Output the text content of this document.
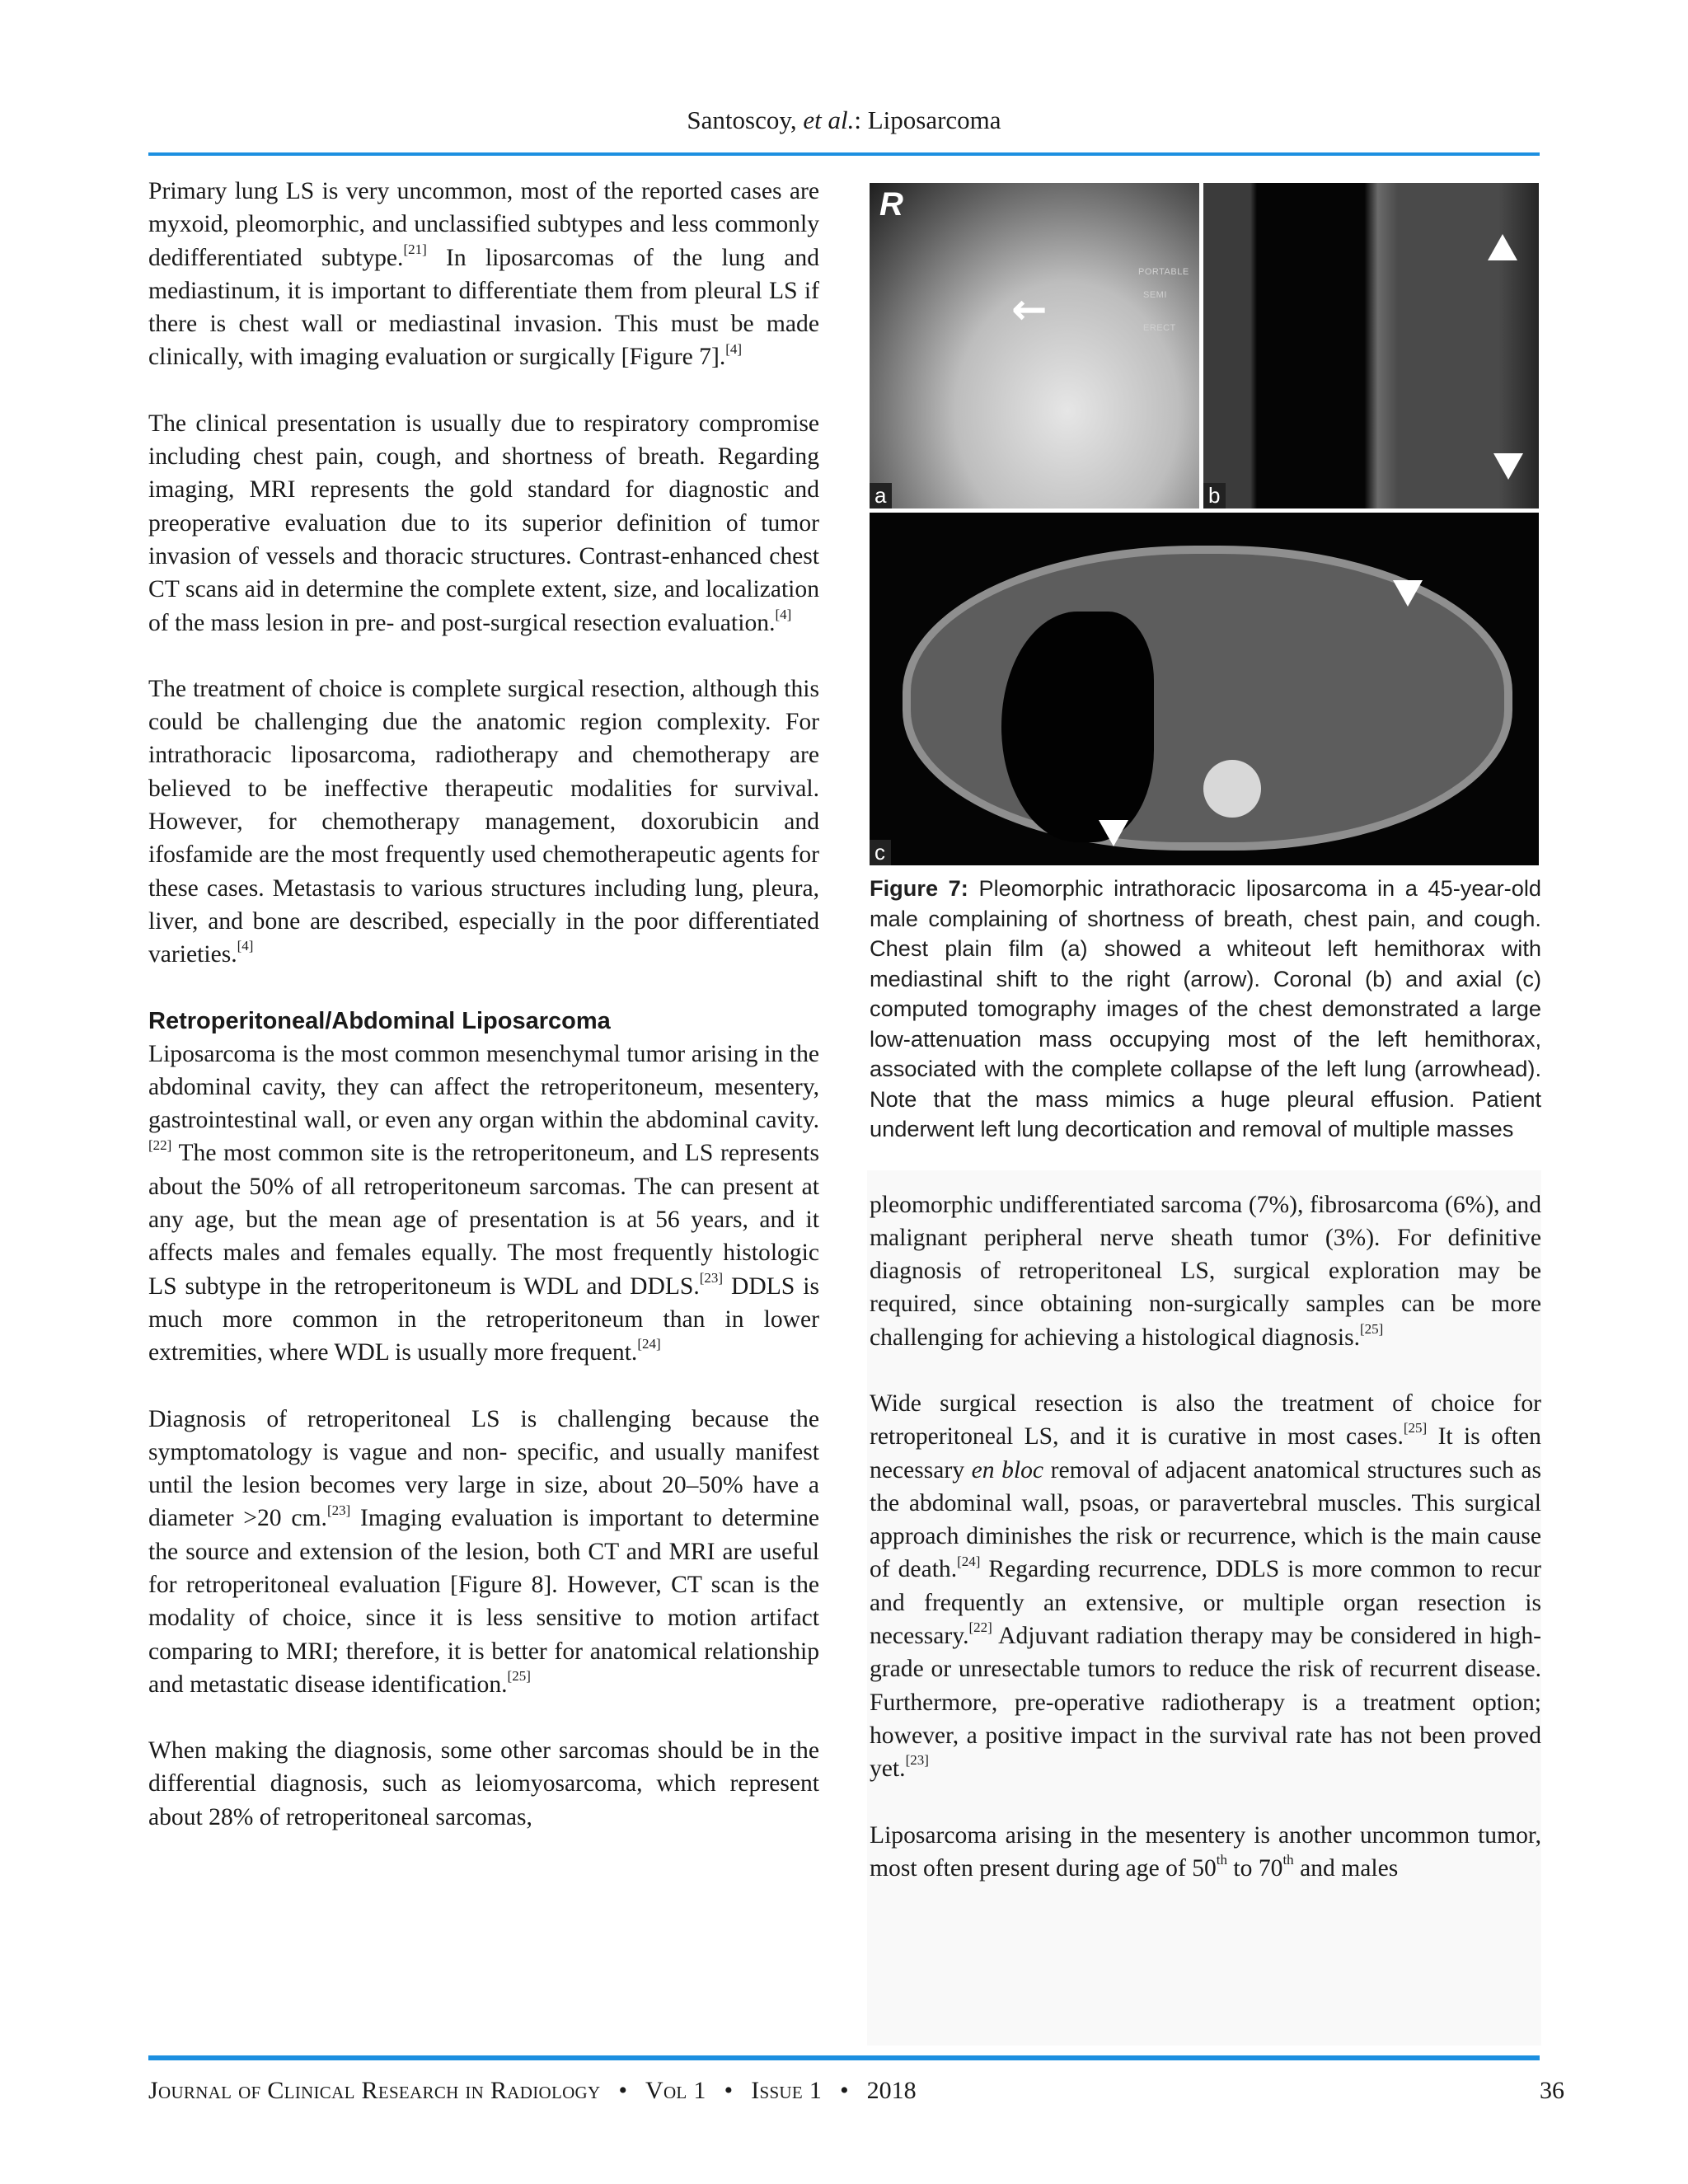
Santoscoy, et al.: Liposarcoma

Primary lung LS is very uncommon, most of the reported cases are myxoid, pleomorphic, and unclassified subtypes and less commonly dedifferentiated subtype.[21] In liposarcomas of the lung and mediastinum, it is important to differentiate them from pleural LS if there is chest wall or mediastinal invasion. This must be made clinically, with imaging evaluation or surgically [Figure 7].[4]

The clinical presentation is usually due to respiratory compromise including chest pain, cough, and shortness of breath. Regarding imaging, MRI represents the gold standard for diagnostic and preoperative evaluation due to its superior definition of tumor invasion of vessels and thoracic structures. Contrast-enhanced chest CT scans aid in determine the complete extent, size, and localization of the mass lesion in pre- and post-surgical resection evaluation.[4]

The treatment of choice is complete surgical resection, although this could be challenging due the anatomic region complexity. For intrathoracic liposarcoma, radiotherapy and chemotherapy are believed to be ineffective therapeutic modalities for survival. However, for chemotherapy management, doxorubicin and ifosfamide are the most frequently used chemotherapeutic agents for these cases. Metastasis to various structures including lung, pleura, liver, and bone are described, especially in the poor differentiated varieties.[4]

Retroperitoneal/Abdominal Liposarcoma

Liposarcoma is the most common mesenchymal tumor arising in the abdominal cavity, they can affect the retroperitoneum, mesentery, gastrointestinal wall, or even any organ within the abdominal cavity.[22] The most common site is the retroperitoneum, and LS represents about the 50% of all retroperitoneum sarcomas. The can present at any age, but the mean age of presentation is at 56 years, and it affects males and females equally. The most frequently histologic LS subtype in the retroperitoneum is WDL and DDLS.[23] DDLS is much more common in the retroperitoneum than in lower extremities, where WDL is usually more frequent.[24]

Diagnosis of retroperitoneal LS is challenging because the symptomatology is vague and non- specific, and usually manifest until the lesion becomes very large in size, about 20–50% have a diameter >20 cm.[23] Imaging evaluation is important to determine the source and extension of the lesion, both CT and MRI are useful for retroperitoneal evaluation [Figure 8]. However, CT scan is the modality of choice, since it is less sensitive to motion artifact comparing to MRI; therefore, it is better for anatomical relationship and metastatic disease identification.[25]

When making the diagnosis, some other sarcomas should be in the differential diagnosis, such as leiomyosarcoma, which represent about 28% of retroperitoneal sarcomas,

R
PORTABLE
SEMI ERECT
←
a	b
c
Figure 7: Pleomorphic intrathoracic liposarcoma in a 45-year-old male complaining of shortness of breath, chest pain, and cough. Chest plain film (a) showed a whiteout left hemithorax with mediastinal shift to the right (arrow). Coronal (b) and axial (c) computed tomography images of the chest demonstrated a large low-attenuation mass occupying most of the left hemithorax, associated with the complete collapse of the left lung (arrowhead). Note that the mass mimics a huge pleural effusion. Patient underwent left lung decortication and removal of multiple masses

pleomorphic undifferentiated sarcoma (7%), fibrosarcoma (6%), and malignant peripheral nerve sheath tumor (3%). For definitive diagnosis of retroperitoneal LS, surgical exploration may be required, since obtaining non-surgically samples can be more challenging for achieving a histological diagnosis.[25]

Wide surgical resection is also the treatment of choice for retroperitoneal LS, and it is curative in most cases.[25] It is often necessary en bloc removal of adjacent anatomical structures such as the abdominal wall, psoas, or paravertebral muscles. This surgical approach diminishes the risk or recurrence, which is the main cause of death.[24] Regarding recurrence, DDLS is more common to recur and frequently an extensive, or multiple organ resection is necessary.[22] Adjuvant radiation therapy may be considered in high-grade or unresectable tumors to reduce the risk of recurrent disease. Furthermore, pre-operative radiotherapy is a treatment option; however, a positive impact in the survival rate has not been proved yet.[23]

Liposarcoma arising in the mesentery is another uncommon tumor, most often present during age of 50th to 70th and males

Journal of Clinical Research in Radiology • Vol 1 • Issue 1 • 2018	36
